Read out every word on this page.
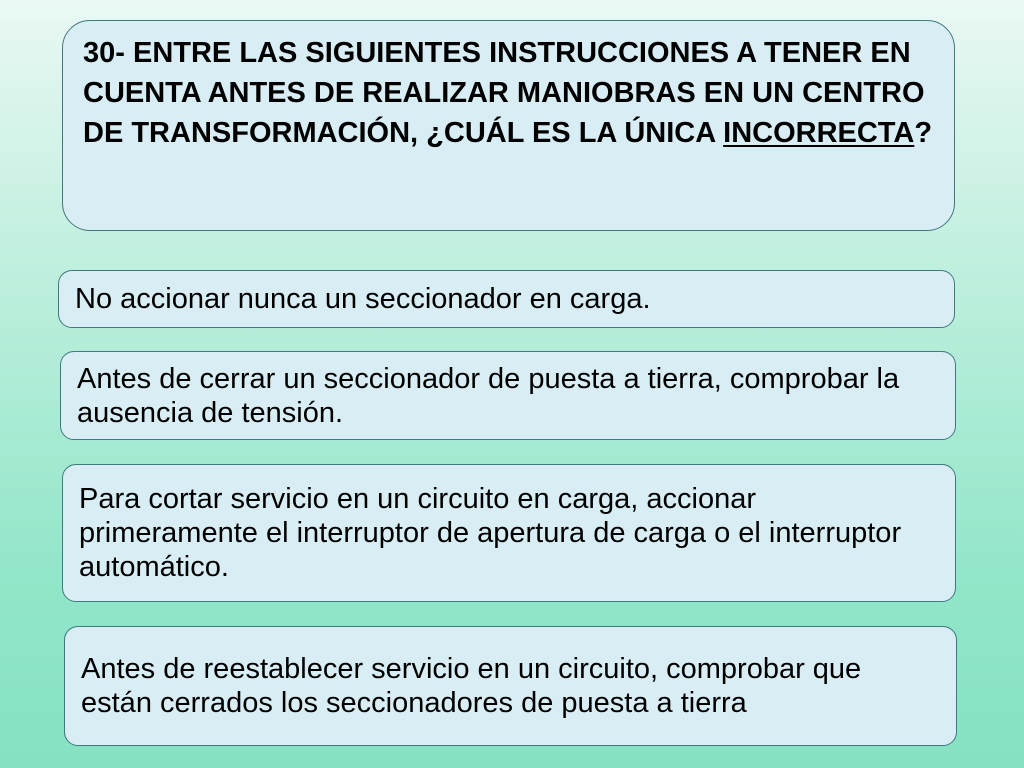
30- ENTRE LAS SIGUIENTES INSTRUCCIONES A TENER EN CUENTA ANTES DE REALIZAR MANIOBRAS EN UN CENTRO DE TRANSFORMACIÓN, ¿CUÁL ES LA ÚNICA INCORRECTA?
No accionar nunca un seccionador en carga.
Antes de cerrar un seccionador de puesta a tierra, comprobar la ausencia de tensión.
Para cortar servicio en un circuito en carga, accionar primeramente el interruptor de apertura de carga o el interruptor automático.
Antes de reestablecer servicio en un circuito, comprobar que están cerrados los seccionadores de puesta a tierra
